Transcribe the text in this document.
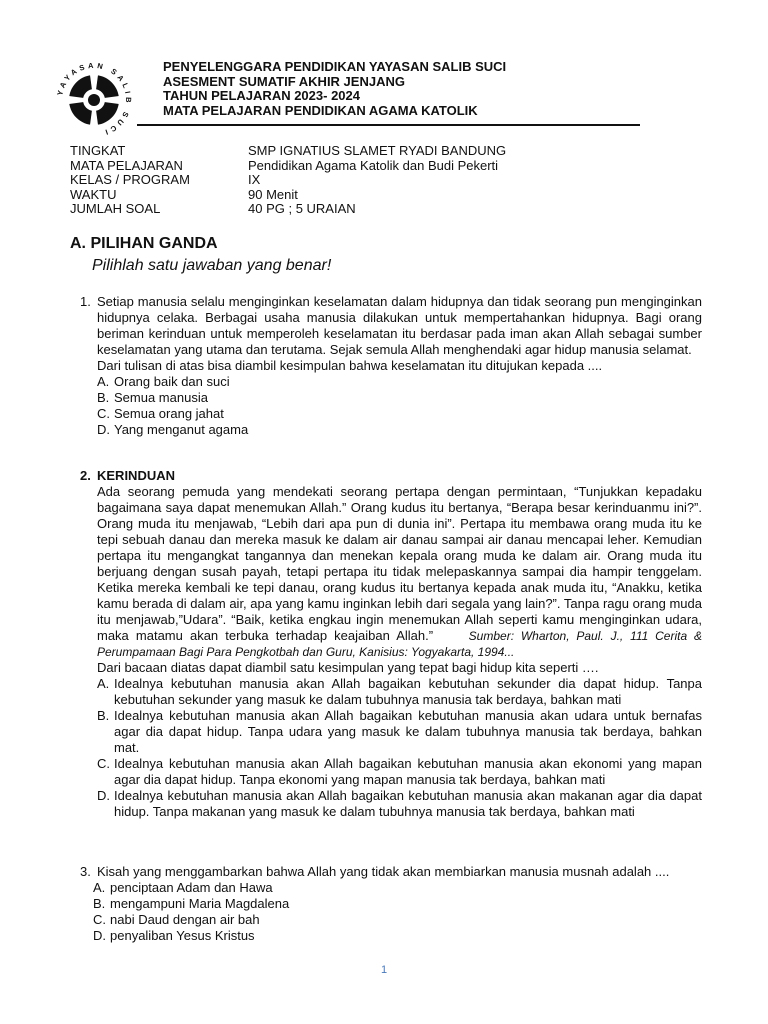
YAYASAN SALIB SUCI

PENYELENGGARA PENDIDIKAN YAYASAN SALIB SUCI

ASESMENT SUMATIF AKHIR JENJANG

TAHUN PELAJARAN 2023- 2024

MATA PELAJARAN PENDIDIKAN AGAMA KATOLIK

TINGKAT	SMP IGNATIUS SLAMET RYADI BANDUNG
MATA PELAJARAN	Pendidikan Agama Katolik dan Budi Pekerti
KELAS / PROGRAM	IX
WAKTU	90 Menit
JUMLAH SOAL	40 PG ; 5 URAIAN

A. PILIHAN GANDA

Pilihlah satu jawaban yang benar!

1. Setiap manusia selalu menginginkan keselamatan dalam hidupnya dan tidak seorang pun menginginkan hidupnya celaka. Berbagai usaha manusia dilakukan untuk mempertahankan hidupnya. Bagi orang beriman kerinduan untuk memperoleh keselamatan itu berdasar pada iman akan Allah sebagai sumber keselamatan yang utama dan terutama. Sejak semula Allah menghendaki agar hidup manusia selamat.

Dari tulisan di atas bisa diambil kesimpulan bahwa keselamatan itu ditujukan kepada ....

A. Orang baik dan suci

B. Semua manusia

C. Semua orang jahat

D. Yang menganut agama

2. KERINDUAN

Ada seorang pemuda yang mendekati seorang pertapa dengan permintaan, “Tunjukkan kepadaku bagaimana saya dapat menemukan Allah.” Orang kudus itu bertanya, “Berapa besar kerinduanmu ini?”. Orang muda itu menjawab, “Lebih dari apa pun di dunia ini”. Pertapa itu membawa orang muda itu ke tepi sebuah danau dan mereka masuk ke dalam air danau sampai air danau mencapai leher. Kemudian pertapa itu mengangkat tangannya dan menekan kepala orang muda ke dalam air. Orang muda itu berjuang dengan susah payah, tetapi pertapa itu tidak melepaskannya sampai dia hampir tenggelam. Ketika mereka kembali ke tepi danau, orang kudus itu bertanya kepada anak muda itu, “Anakku, ketika kamu berada di dalam air, apa yang kamu inginkan lebih dari segala yang lain?”. Tanpa ragu orang muda itu menjawab,”Udara”. “Baik, ketika engkau ingin menemukan Allah seperti kamu menginginkan udara, maka matamu akan terbuka terhadap keajaiban Allah.”	Sumber: Wharton, Paul. J., 111 Cerita & Perumpamaan Bagi Para Pengkotbah dan Guru, Kanisius: Yogyakarta, 1994...

Dari bacaan diatas dapat diambil satu kesimpulan yang tepat bagi hidup kita seperti ….

A. Idealnya kebutuhan manusia akan Allah bagaikan kebutuhan sekunder dia dapat hidup. Tanpa kebutuhan sekunder yang masuk ke dalam tubuhnya manusia tak berdaya, bahkan mati

B. Idealnya kebutuhan manusia akan Allah bagaikan kebutuhan manusia akan udara untuk bernafas agar dia dapat hidup. Tanpa udara yang masuk ke dalam tubuhnya manusia tak berdaya, bahkan mat.

C. Idealnya kebutuhan manusia akan Allah bagaikan kebutuhan manusia akan ekonomi yang mapan agar dia dapat hidup. Tanpa ekonomi yang mapan manusia tak berdaya, bahkan mati

D. Idealnya kebutuhan manusia akan Allah bagaikan kebutuhan manusia akan makanan agar dia dapat hidup. Tanpa makanan yang masuk ke dalam tubuhnya manusia tak berdaya, bahkan mati

3. Kisah yang menggambarkan bahwa Allah yang tidak akan membiarkan manusia musnah adalah ....

A. penciptaan Adam dan Hawa

B. mengampuni Maria Magdalena

C. nabi Daud dengan air bah

D. penyaliban Yesus Kristus

1
